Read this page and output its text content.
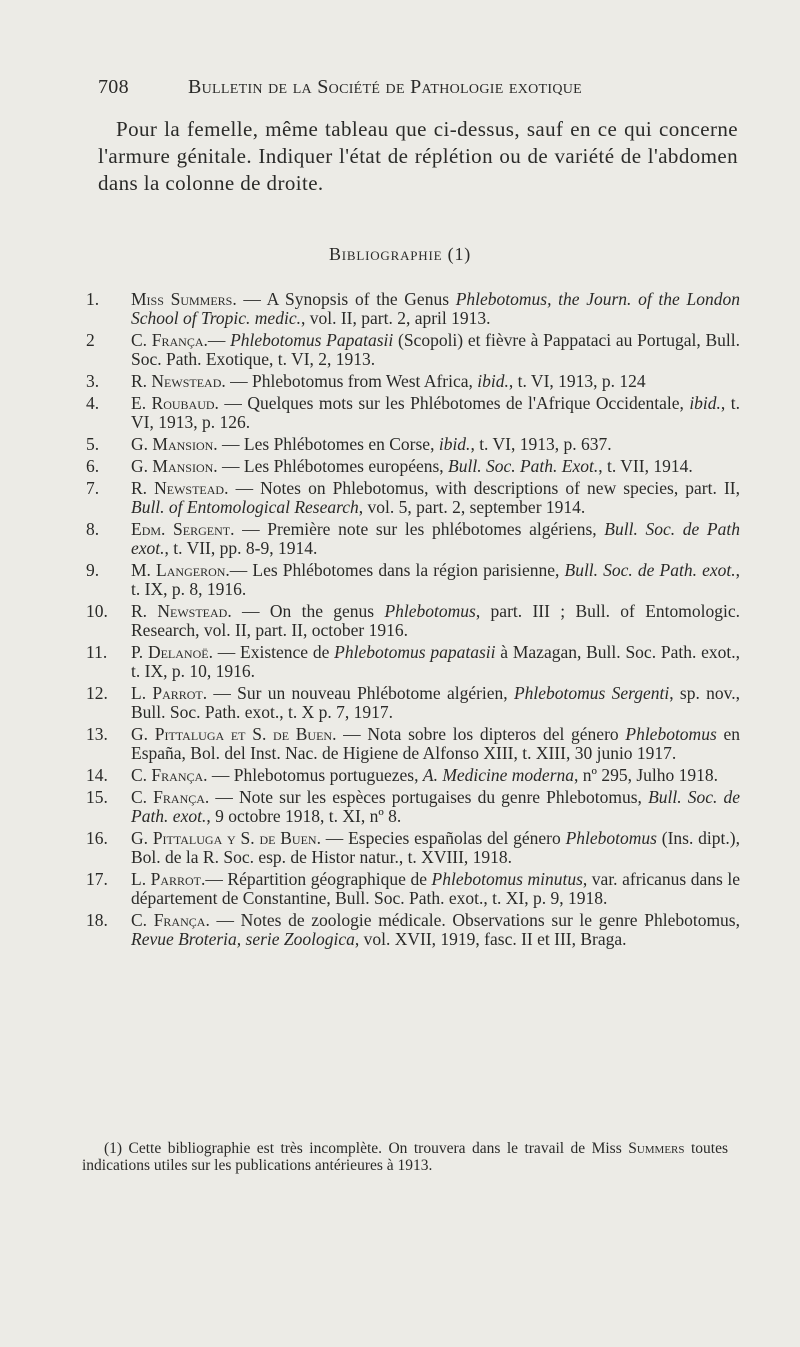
708	Bulletin de la Société de Pathologie exotique

Pour la femelle, même tableau que ci-dessus, sauf en ce qui concerne l'armure génitale. Indiquer l'état de réplétion ou de variété de l'abdomen dans la colonne de droite.

Bibliographie (1)
1.	Miss Summers. — A Synopsis of the Genus Phlebotomus, the Journ. of the London School of Tropic. medic., vol. II, part. 2, april 1913.
2	C. França.— Phlebotomus Papatasii (Scopoli) et fièvre à Pappataci au Portugal, Bull. Soc. Path. Exotique, t. VI, 2, 1913.
3.	R. Newstead. — Phlebotomus from West Africa, ibid., t. VI, 1913, p. 124
4.	E. Roubaud. — Quelques mots sur les Phlébotomes de l'Afrique Occidentale, ibid., t. VI, 1913, p. 126.
5.	G. Mansion. — Les Phlébotomes en Corse, ibid., t. VI, 1913, p. 637.
6.	G. Mansion. — Les Phlébotomes européens, Bull. Soc. Path. Exot., t. VII, 1914.
7.	R. Newstead. — Notes on Phlebotomus, with descriptions of new species, part. II, Bull. of Entomological Research, vol. 5, part. 2, september 1914.
8.	Edm. Sergent. — Première note sur les phlébotomes algériens, Bull. Soc. de Path exot., t. VII, pp. 8-9, 1914.
9.	M. Langeron.— Les Phlébotomes dans la région parisienne, Bull. Soc. de Path. exot., t. IX, p. 8, 1916.
10.	R. Newstead. — On the genus Phlebotomus, part. III ; Bull. of Entomologic. Research, vol. II, part. II, october 1916.
11.	P. Delanoë. — Existence de Phlebotomus papatasii à Mazagan, Bull. Soc. Path. exot., t. IX, p. 10, 1916.
12.	L. Parrot. — Sur un nouveau Phlébotome algérien, Phlebotomus Sergenti, sp. nov., Bull. Soc. Path. exot., t. X p. 7, 1917.
13.	G. Pittaluga et S. de Buen. — Nota sobre los dipteros del género Phlebotomus en España, Bol. del Inst. Nac. de Higiene de Alfonso XIII, t. XIII, 30 junio 1917.
14.	C. França. — Phlebotomus portuguezes, A. Medicine moderna, nº 295, Julho 1918.
15.	C. França. — Note sur les espèces portugaises du genre Phlebotomus, Bull. Soc. de Path. exot., 9 octobre 1918, t. XI, nº 8.
16.	G. Pittaluga y S. de Buen. — Especies españolas del género Phlebotomus (Ins. dipt.), Bol. de la R. Soc. esp. de Histor natur., t. XVIII, 1918.
17.	L. Parrot.— Répartition géographique de Phlebotomus minutus, var. africanus dans le département de Constantine, Bull. Soc. Path. exot., t. XI, p. 9, 1918.
18.	C. França. — Notes de zoologie médicale. Observations sur le genre Phlebotomus, Revue Broteria, serie Zoologica, vol. XVII, 1919, fasc. II et III, Braga.

(1) Cette bibliographie est très incomplète. On trouvera dans le travail de Miss Summers toutes indications utiles sur les publications antérieures à 1913.
